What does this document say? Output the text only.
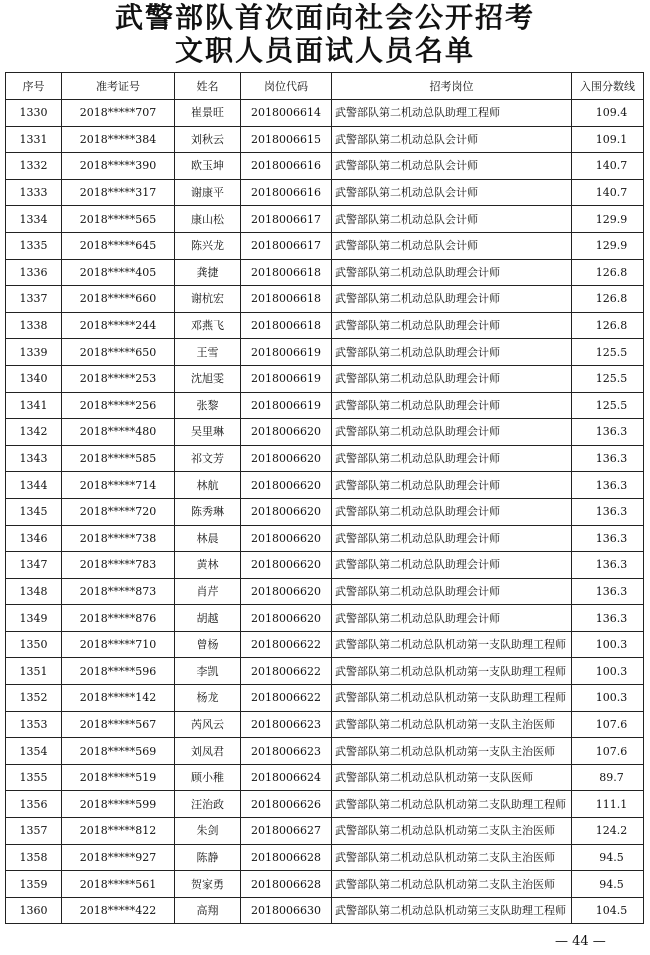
武警部队首次面向社会公开招考
文职人员面试人员名单
序号	准考证号	姓名	岗位代码	招考岗位	入围分数线
1330	2018*****707	崔景旺	2018006614	武警部队第二机动总队助理工程师	109.4
1331	2018*****384	刘秋云	2018006615	武警部队第二机动总队会计师	109.1
1332	2018*****390	欧玉坤	2018006616	武警部队第二机动总队会计师	140.7
1333	2018*****317	谢康平	2018006616	武警部队第二机动总队会计师	140.7
1334	2018*****565	康山松	2018006617	武警部队第二机动总队会计师	129.9
1335	2018*****645	陈兴龙	2018006617	武警部队第二机动总队会计师	129.9
1336	2018*****405	龚捷	2018006618	武警部队第二机动总队助理会计师	126.8
1337	2018*****660	谢杭宏	2018006618	武警部队第二机动总队助理会计师	126.8
1338	2018*****244	邓燕飞	2018006618	武警部队第二机动总队助理会计师	126.8
1339	2018*****650	王雪	2018006619	武警部队第二机动总队助理会计师	125.5
1340	2018*****253	沈旭雯	2018006619	武警部队第二机动总队助理会计师	125.5
1341	2018*****256	张黎	2018006619	武警部队第二机动总队助理会计师	125.5
1342	2018*****480	吴里琳	2018006620	武警部队第二机动总队助理会计师	136.3
1343	2018*****585	祁文芳	2018006620	武警部队第二机动总队助理会计师	136.3
1344	2018*****714	林航	2018006620	武警部队第二机动总队助理会计师	136.3
1345	2018*****720	陈秀琳	2018006620	武警部队第二机动总队助理会计师	136.3
1346	2018*****738	林晨	2018006620	武警部队第二机动总队助理会计师	136.3
1347	2018*****783	黄林	2018006620	武警部队第二机动总队助理会计师	136.3
1348	2018*****873	肖芹	2018006620	武警部队第二机动总队助理会计师	136.3
1349	2018*****876	胡越	2018006620	武警部队第二机动总队助理会计师	136.3
1350	2018*****710	曾杨	2018006622	武警部队第二机动总队机动第一支队助理工程师	100.3
1351	2018*****596	李凯	2018006622	武警部队第二机动总队机动第一支队助理工程师	100.3
1352	2018*****142	杨龙	2018006622	武警部队第二机动总队机动第一支队助理工程师	100.3
1353	2018*****567	芮风云	2018006623	武警部队第二机动总队机动第一支队主治医师	107.6
1354	2018*****569	刘凤君	2018006623	武警部队第二机动总队机动第一支队主治医师	107.6
1355	2018*****519	顾小稚	2018006624	武警部队第二机动总队机动第一支队医师	89.7
1356	2018*****599	汪治政	2018006626	武警部队第二机动总队机动第二支队助理工程师	111.1
1357	2018*****812	朱剑	2018006627	武警部队第二机动总队机动第二支队主治医师	124.2
1358	2018*****927	陈静	2018006628	武警部队第二机动总队机动第二支队主治医师	94.5
1359	2018*****561	贺家勇	2018006628	武警部队第二机动总队机动第二支队主治医师	94.5
1360	2018*****422	高翔	2018006630	武警部队第二机动总队机动第三支队助理工程师	104.5
— 44 —
